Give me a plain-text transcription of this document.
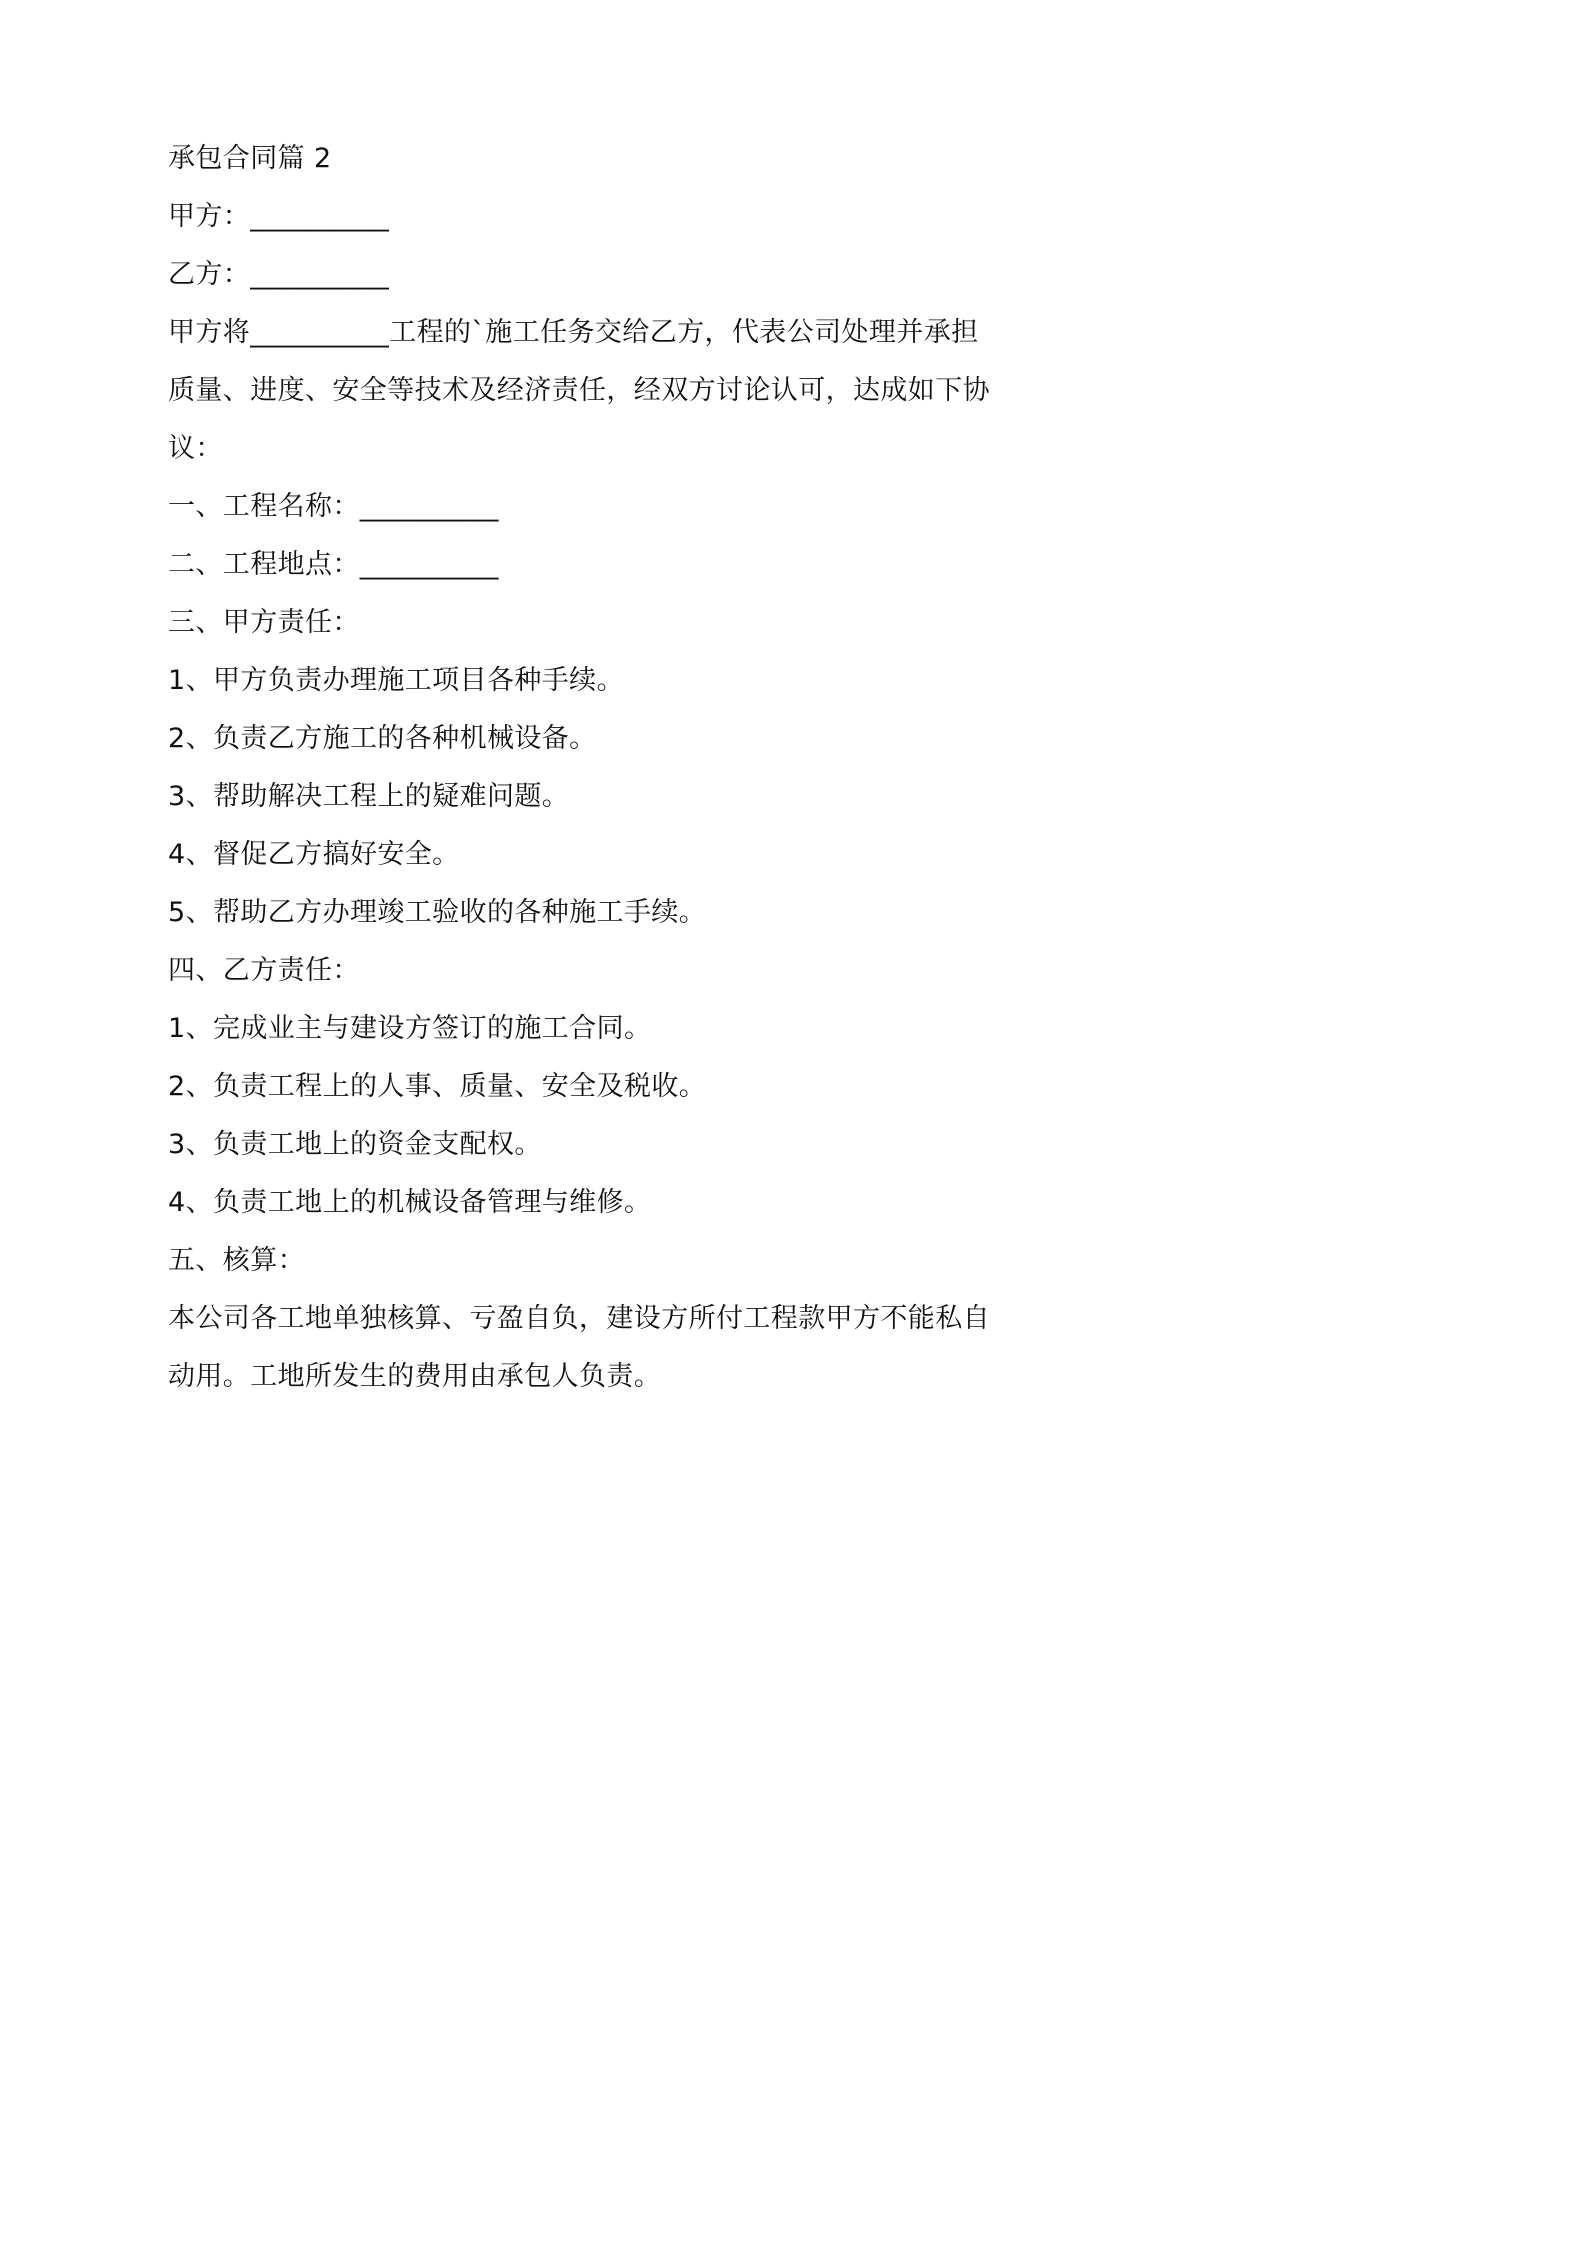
承包合同篇 2
甲方：__________
乙方：__________
甲方将__________工程的`施工任务交给乙方，代表公司处理并承担
质量、进度、安全等技术及经济责任，经双方讨论认可，达成如下协
议：
一、工程名称：__________
二、工程地点：__________
三、甲方责任：
1、甲方负责办理施工项目各种手续。
2、负责乙方施工的各种机械设备。
3、帮助解决工程上的疑难问题。
4、督促乙方搞好安全。
5、帮助乙方办理竣工验收的各种施工手续。
四、乙方责任：
1、完成业主与建设方签订的施工合同。
2、负责工程上的人事、质量、安全及税收。
3、负责工地上的资金支配权。
4、负责工地上的机械设备管理与维修。
五、核算：
本公司各工地单独核算、亏盈自负，建设方所付工程款甲方不能私自
动用。工地所发生的费用由承包人负责。
